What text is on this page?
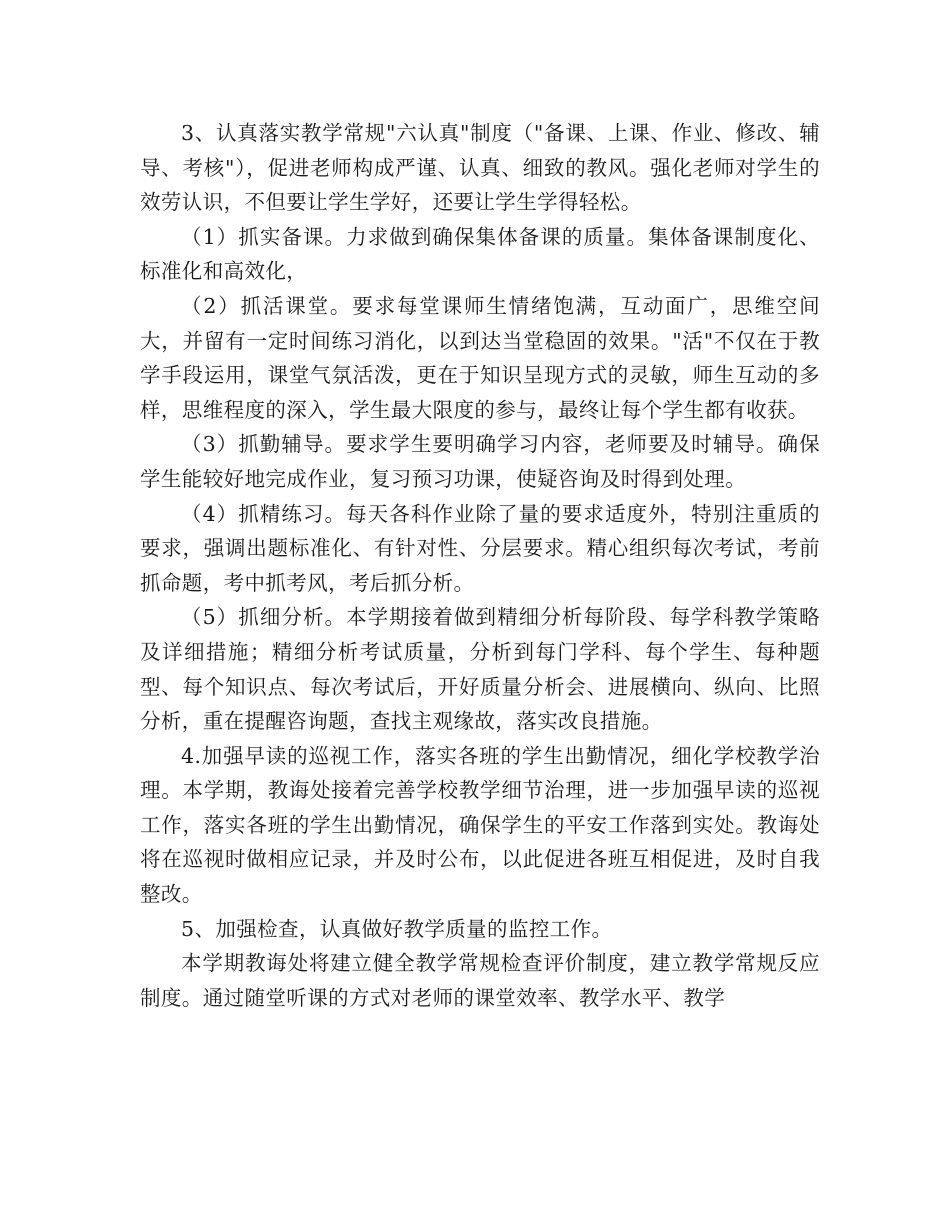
3、认真落实教学常规"六认真"制度（"备课、上课、作业、修改、辅导、考核"），促进老师构成严谨、认真、细致的教风。强化老师对学生的效劳认识，不但要让学生学好，还要让学生学得轻松。

（1）抓实备课。力求做到确保集体备课的质量。集体备课制度化、标准化和高效化，

（2）抓活课堂。要求每堂课师生情绪饱满，互动面广，思维空间大，并留有一定时间练习消化，以到达当堂稳固的效果。"活"不仅在于教学手段运用，课堂气氛活泼，更在于知识呈现方式的灵敏，师生互动的多样，思维程度的深入，学生最大限度的参与，最终让每个学生都有收获。

（3）抓勤辅导。要求学生要明确学习内容，老师要及时辅导。确保学生能较好地完成作业，复习预习功课，使疑咨询及时得到处理。

（4）抓精练习。每天各科作业除了量的要求适度外，特别注重质的要求，强调出题标准化、有针对性、分层要求。精心组织每次考试，考前抓命题，考中抓考风，考后抓分析。

（5）抓细分析。本学期接着做到精细分析每阶段、每学科教学策略及详细措施；精细分析考试质量，分析到每门学科、每个学生、每种题型、每个知识点、每次考试后，开好质量分析会、进展横向、纵向、比照分析，重在提醒咨询题，查找主观缘故，落实改良措施。

4.加强早读的巡视工作，落实各班的学生出勤情况，细化学校教学治理。本学期，教诲处接着完善学校教学细节治理，进一步加强早读的巡视工作，落实各班的学生出勤情况，确保学生的平安工作落到实处。教诲处将在巡视时做相应记录，并及时公布，以此促进各班互相促进，及时自我整改。

5、加强检查，认真做好教学质量的监控工作。

本学期教诲处将建立健全教学常规检查评价制度，建立教学常规反应制度。通过随堂听课的方式对老师的课堂效率、教学水平、教学
